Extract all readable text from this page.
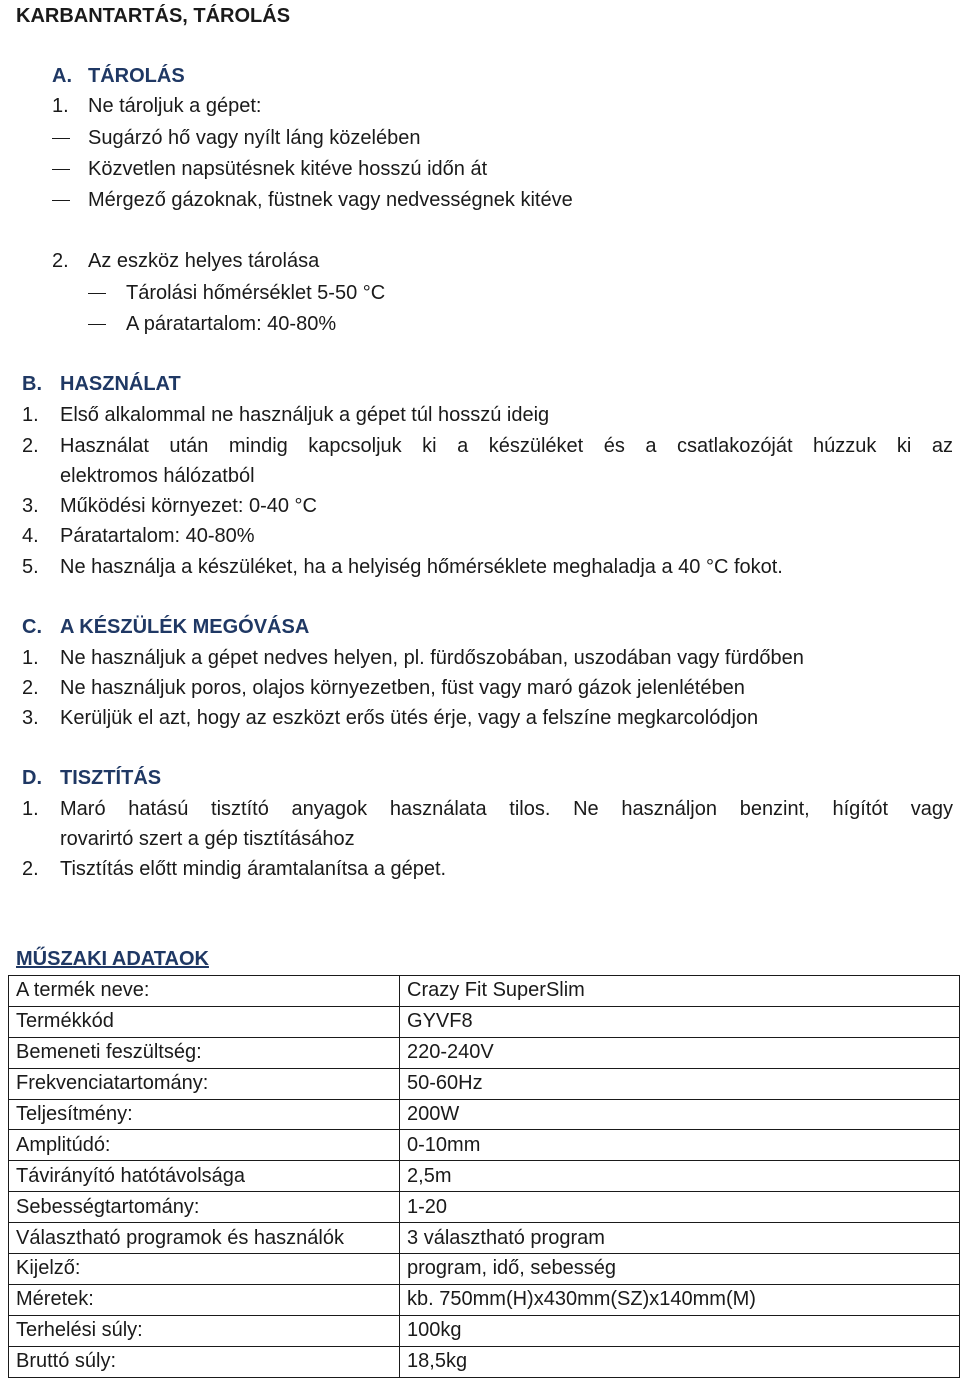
KARBANTARTÁS, TÁROLÁS
A. TÁROLÁS
1. Ne tároljuk a gépet:
Sugárzó hő vagy nyílt láng közelében
Közvetlen napsütésnek kitéve hosszú időn át
Mérgező gázoknak, füstnek vagy nedvességnek kitéve
2. Az eszköz helyes tárolása
Tárolási hőmérséklet 5-50 °C
A páratartalom: 40-80%
B. HASZNÁLAT
1. Első alkalommal ne használjuk a gépet túl hosszú ideig
2. Használat után mindig kapcsoljuk ki a készüléket és a csatlakozóját húzzuk ki az
elektromos hálózatból
3. Működési környezet: 0-40 °C
4. Páratartalom: 40-80%
5. Ne használja a készüléket, ha a helyiség hőmérséklete meghaladja a 40 °C fokot.
C. A KÉSZÜLÉK MEGÓVÁSA
1. Ne használjuk a gépet nedves helyen, pl. fürdőszobában, uszodában vagy fürdőben
2. Ne használjuk poros, olajos környezetben, füst vagy maró gázok jelenlétében
3. Kerüljük el azt, hogy az eszközt erős ütés érje, vagy a felszíne megkarcolódjon
D. TISZTÍTÁS
1. Maró hatású tisztító anyagok használata tilos. Ne használjon benzint, hígítót vagy
rovarirtó szert a gép tisztításához
2. Tisztítás előtt mindig áramtalanítsa a gépet.
MŰSZAKI ADATAOK
A termék neve:	Crazy Fit SuperSlim
Termékkód	GYVF8
Bemeneti feszültség:	220-240V
Frekvenciatartomány:	50-60Hz
Teljesítmény:	200W
Amplitúdó:	0-10mm
Távirányító hatótávolsága	2,5m
Sebességtartomány:	1-20
Választható programok és használók	3 választható program
Kijelző:	program, idő, sebesség
Méretek:	kb. 750mm(H)x430mm(SZ)x140mm(M)
Terhelési súly:	100kg
Bruttó súly:	18,5kg
